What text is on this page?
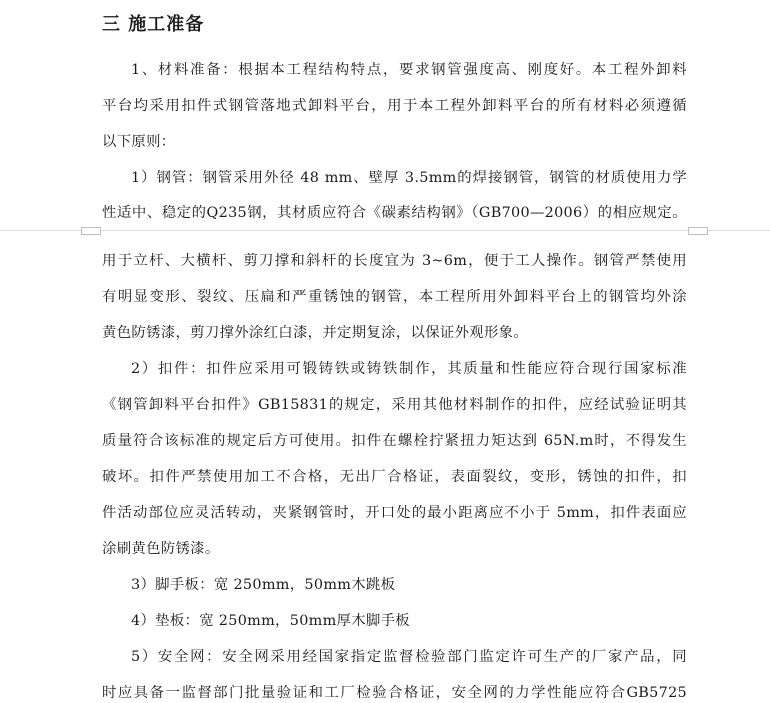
三 施工准备
1、材料准备：根据本工程结构特点，要求钢管强度高、刚度好。本工程外卸料
平台均采用扣件式钢管落地式卸料平台，用于本工程外卸料平台的所有材料必须遵循
以下原则：
1）钢管：钢管采用外径 48 mm、壁厚 3.5mm的焊接钢管，钢管的材质使用力学
性适中、稳定的Q235钢，其材质应符合《碳素结构钢》（GB700—2006）的相应规定。
用于立杆、大横杆、剪刀撑和斜杆的长度宜为 3~6m，便于工人操作。钢管严禁使用
有明显变形、裂纹、压扁和严重锈蚀的钢管，本工程所用外卸料平台上的钢管均外涂
黄色防锈漆，剪刀撑外涂红白漆，并定期复涂，以保证外观形象。
2）扣件：扣件应采用可锻铸铁或铸铁制作，其质量和性能应符合现行国家标准
《钢管卸料平台扣件》GB15831的规定，采用其他材料制作的扣件，应经试验证明其
质量符合该标准的规定后方可使用。扣件在螺栓拧紧扭力矩达到 65N.m时，不得发生
破坏。扣件严禁使用加工不合格，无出厂合格证，表面裂纹，变形，锈蚀的扣件，扣
件活动部位应灵活转动，夹紧钢管时，开口处的最小距离应不小于 5mm，扣件表面应
涂刷黄色防锈漆。
3）脚手板：宽 250mm，50mm木跳板
4）垫板：宽 250mm，50mm厚木脚手板
5）安全网：安全网采用经国家指定监督检验部门监定许可生产的厂家产品，同
时应具备一监督部门批量验证和工厂检验合格证，安全网的力学性能应符合GB5725
